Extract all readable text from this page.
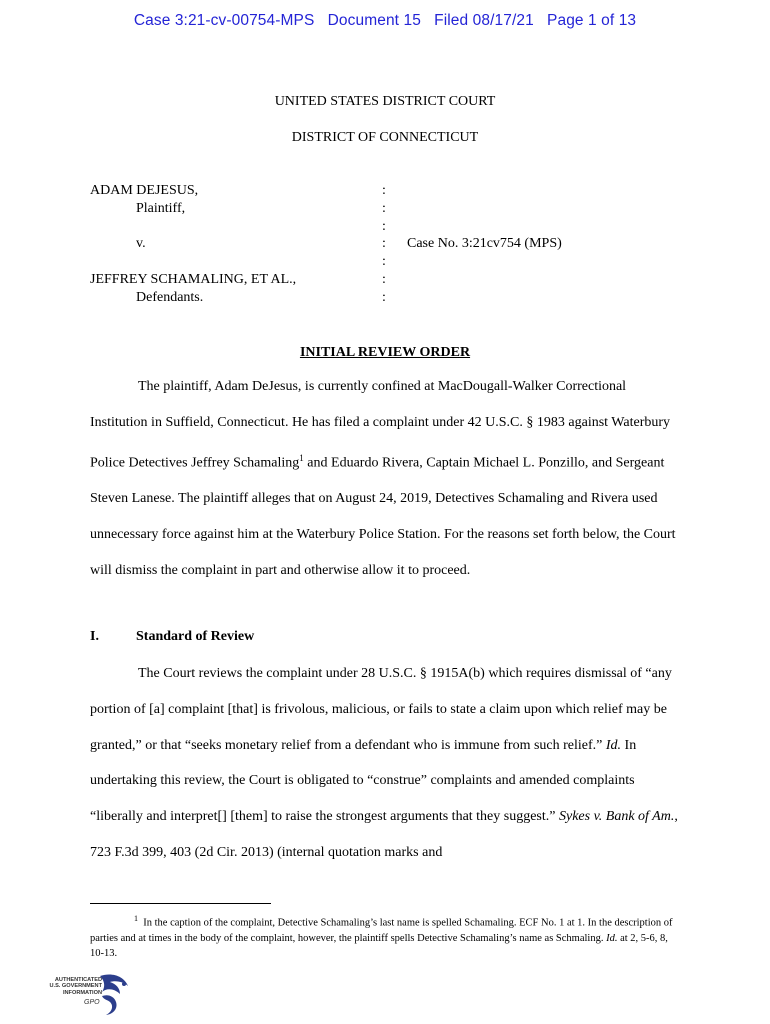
Case 3:21-cv-00754-MPS Document 15 Filed 08/17/21 Page 1 of 13
UNITED STATES DISTRICT COURT
DISTRICT OF CONNECTICUT
ADAM DEJESUS,
Plaintiff,
v.
JEFFREY SCHAMALING, ET AL.,
Defendants.
:
:
:
:
:
:
:
Case No. 3:21cv754 (MPS)
INITIAL REVIEW ORDER

The plaintiff, Adam DeJesus, is currently confined at MacDougall-Walker Correctional Institution in Suffield, Connecticut. He has filed a complaint under 42 U.S.C. § 1983 against Waterbury Police Detectives Jeffrey Schamaling$^1$ and Eduardo Rivera, Captain Michael L. Ponzillo, and Sergeant Steven Lanese. The plaintiff alleges that on August 24, 2019, Detectives Schamaling and Rivera used unnecessary force against him at the Waterbury Police Station. For the reasons set forth below, the Court will dismiss the complaint in part and otherwise allow it to proceed.

I.	Standard of Review

The Court reviews the complaint under 28 U.S.C. § 1915A(b) which requires dismissal of “any portion of [a] complaint [that] is frivolous, malicious, or fails to state a claim upon which relief may be granted,” or that “seeks monetary relief from a defendant who is immune from such relief.” Id. In undertaking this review, the Court is obligated to “construe” complaints and amended complaints “liberally and interpret[] [them] to raise the strongest arguments that they suggest.” Sykes v. Bank of Am., 723 F.3d 399, 403 (2d Cir. 2013) (internal quotation marks and

$^1$ In the caption of the complaint, Detective Schamaling’s last name is spelled Schamaling. ECF No. 1 at 1. In the description of parties and at times in the body of the complaint, however, the plaintiff spells Detective Schamaling’s name as Schmaling. Id. at 2, 5-6, 8, 10-13.

AUTHENTICATED
U.S. GOVERNMENT
INFORMATION
GPO
